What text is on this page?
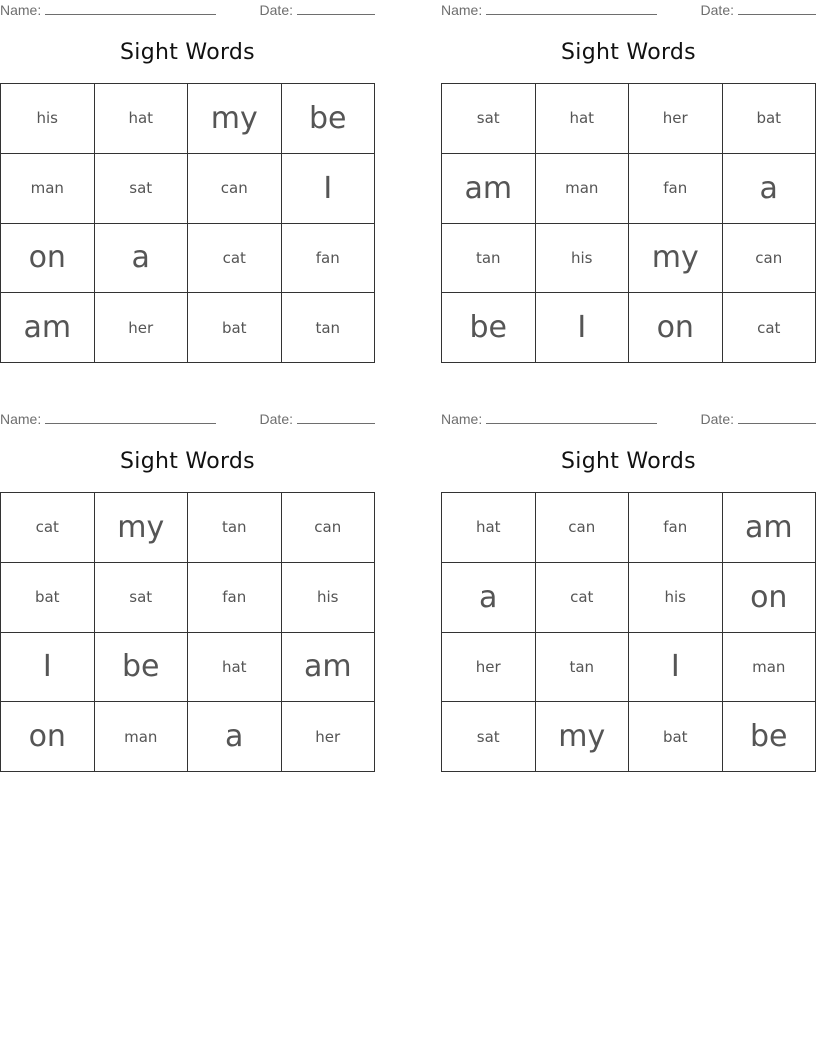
Name:	Date:
Sight Words
his	hat	my	be
man	sat	can	I
on	a	cat	fan
am	her	bat	tan
Name:	Date:
Sight Words
sat	hat	her	bat
am	man	fan	a
tan	his	my	can
be	I	on	cat
Name:	Date:
Sight Words
cat	my	tan	can
bat	sat	fan	his
I	be	hat	am
on	man	a	her
Name:	Date:
Sight Words
hat	can	fan	am
a	cat	his	on
her	tan	I	man
sat	my	bat	be
